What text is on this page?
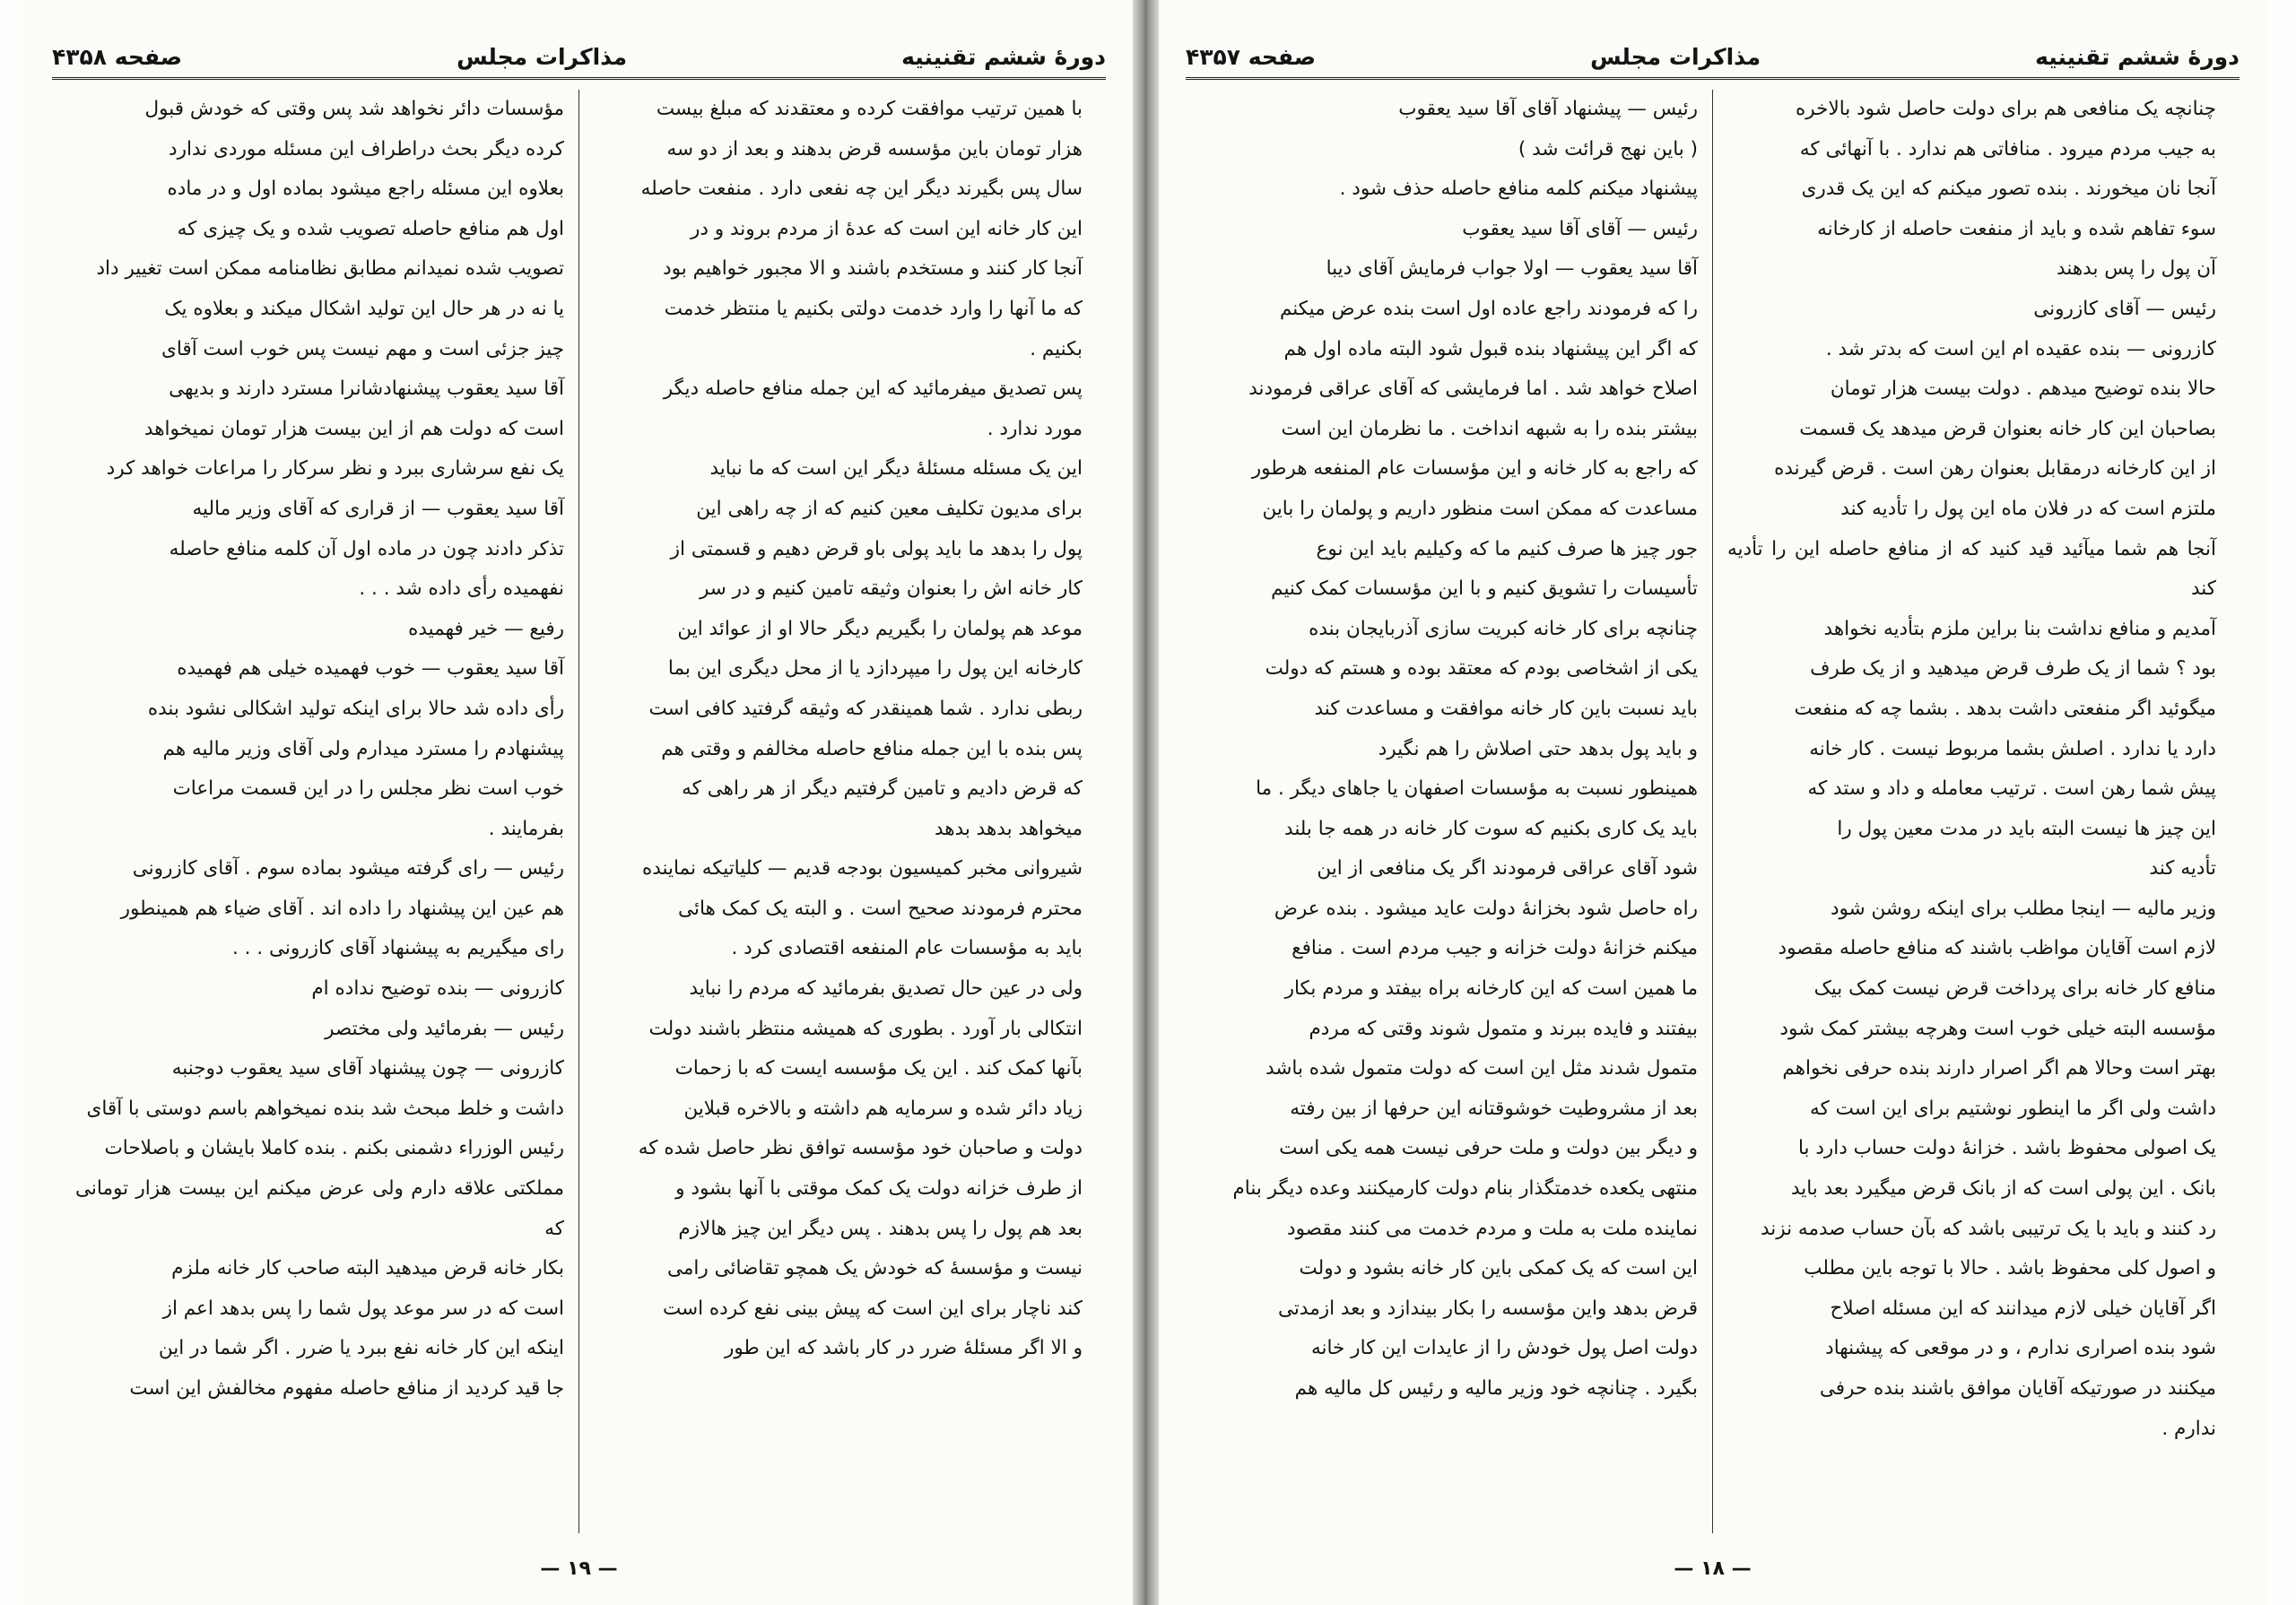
دورهٔ ششم تقنینیه
مذاکرات مجلس
صفحه ۴۳۵۸

با همین ترتیب موافقت کرده و معتقدند که مبلغ بیست

هزار تومان باین مؤسسه قرض بدهند و بعد از دو سه

سال پس بگیرند دیگر این چه نفعی دارد . منفعت حاصله

این کار خانه این است که عدهٔ از مردم بروند و در

آنجا کار کنند و مستخدم باشند و الا مجبور خواهیم بود

که ما آنها را وارد خدمت دولتی بکنیم یا منتظر خدمت

بکنیم .

پس تصدیق میفرمائید که این جمله منافع حاصله دیگر

مورد ندارد .

این یک مسئله مسئلهٔ دیگر این است که ما نباید

برای مدیون تکلیف معین کنیم که از چه راهی این

پول را بدهد ما باید پولی باو قرض دهیم و قسمتی از

کار خانه اش را بعنوان وثیقه تامین کنیم و در سر

موعد هم پولمان را بگیریم دیگر حالا او از عوائد این

کارخانه این پول را میپردازد یا از محل دیگری این بما

ربطی ندارد . شما همینقدر که وثیقه گرفتید کافی است

پس بنده با این جمله منافع حاصله مخالفم و وقتی هم

که قرض دادیم و تامین گرفتیم دیگر از هر راهی که

میخواهد بدهد بدهد

شیروانی مخبر کمیسیون بودجه قدیم — کلیاتیکه نماینده

محترم فرمودند صحیح است . و البته یک کمک هائی

باید به مؤسسات عام المنفعه اقتصادی کرد .

ولی در عین حال تصدیق بفرمائید که مردم را نباید

انتکالی بار آورد . بطوری که همیشه منتظر باشند دولت

بآنها کمک کند . این یک مؤسسه ایست که با زحمات

زیاد دائر شده و سرمایه هم داشته و بالاخره قبلاین

دولت و صاحبان خود مؤسسه توافق نظر حاصل شده که

از طرف خزانه دولت یک کمک موقتی با آنها بشود و

بعد هم پول را پس بدهند . پس دیگر این چیز هالازم

نیست و مؤسسهٔ که خودش یک همچو تقاضائی رامی

کند ناچار برای این است که پیش بینی نفع کرده است

و الا اگر مسئلهٔ ضرر در کار باشد که این طور

مؤسسات دائر نخواهد شد پس وقتی که خودش قبول

کرده دیگر بحث دراطراف این مسئله موردی ندارد

بعلاوه این مسئله راجع میشود بماده اول و در ماده

اول هم منافع حاصله تصویب شده و یک چیزی که

تصویب شده نمیدانم مطابق نظامنامه ممکن است تغییر داد

یا نه در هر حال این تولید اشکال میکند و بعلاوه یک

چیز جزئی است و مهم نیست پس خوب است آقای

آقا سید یعقوب پیشنهادشانرا مسترد دارند و بدیهی

است که دولت هم از این بیست هزار تومان نمیخواهد

یک نفع سرشاری ببرد و نظر سرکار را مراعات خواهد کرد

آقا سید یعقوب — از قراری که آقای وزیر مالیه

تذکر دادند چون در ماده اول آن کلمه منافع حاصله

نفهمیده رأی داده شد . . .

رفیع — خیر فهمیده

آقا سید یعقوب — خوب فهمیده خیلی هم فهمیده

رأی داده شد حالا برای اینکه تولید اشکالی نشود بنده

پیشنهادم را مسترد میدارم ولی آقای وزیر مالیه هم

خوب است نظر مجلس را در این قسمت مراعات

بفرمایند .

رئیس — رای گرفته میشود بماده سوم . آقای کازرونی

هم عین این پیشنهاد را داده اند . آقای ضیاء هم همینطور

رای میگیریم به پیشنهاد آقای کازرونی . . .

کازرونی — بنده توضیح نداده ام

رئیس — بفرمائید ولی مختصر

کازرونی — چون پیشنهاد آقای سید یعقوب دوجنبه

داشت و خلط مبحث شد بنده نمیخواهم باسم دوستی با آقای

رئیس الوزراء دشمنی بکنم . بنده کاملا بایشان و باصلاحات

مملکتی علاقه دارم ولی عرض میکنم این بیست هزار تومانی که

بکار خانه قرض میدهید البته صاحب کار خانه ملزم

است که در سر موعد پول شما را پس بدهد اعم از

اینکه این کار خانه نفع ببرد یا ضرر . اگر شما در این

جا قید کردید از منافع حاصله مفهوم مخالفش این است

— ۱۹ —
دورهٔ ششم تقنینیه
مذاکرات مجلس
صفحه ۴۳۵۷

چنانچه یک منافعی هم برای دولت حاصل شود بالاخره

به جیب مردم میرود . منافاتی هم ندارد . با آنهائی که

آنجا نان میخورند . بنده تصور میکنم که این یک قدری

سوء تفاهم شده و باید از منفعت حاصله از کارخانه

آن پول را پس بدهند

رئیس — آقای کازرونی

کازرونی — بنده عقیده ام این است که بدتر شد .

حالا بنده توضیح میدهم . دولت بیست هزار تومان

بصاحبان این کار خانه بعنوان قرض میدهد یک قسمت

از این کارخانه درمقابل بعنوان رهن است . قرض گیرنده

ملتزم است که در فلان ماه این پول را تأدیه کند

آنجا هم شما میآئید قید کنید که از منافع حاصله این را تأدیه کند

آمدیم و منافع نداشت بنا براین ملزم بتأدیه نخواهد

بود ؟ شما از یک طرف قرض میدهید و از یک طرف

میگوئید اگر منفعتی داشت بدهد . بشما چه که منفعت

دارد یا ندارد . اصلش بشما مربوط نیست . کار خانه

پیش شما رهن است . ترتیب معامله و داد و ستد که

این چیز ها نیست البته باید در مدت معین پول را

تأدیه کند

وزیر مالیه — اینجا مطلب برای اینکه روشن شود

لازم است آقایان مواظب باشند که منافع حاصله مقصود

منافع کار خانه برای پرداخت قرض نیست کمک بیک

مؤسسه البته خیلی خوب است وهرچه بیشتر کمک شود

بهتر است وحالا هم اگر اصرار دارند بنده حرفی نخواهم

داشت ولی اگر ما اینطور نوشتیم برای این است که

یک اصولی محفوظ باشد . خزانهٔ دولت حساب دارد با

بانک . این پولی است که از بانک قرض میگیرد بعد باید

رد کنند و باید با یک ترتیبی باشد که بآن حساب صدمه نزند

و اصول کلی محفوظ باشد . حالا با توجه باین مطلب

اگر آقایان خیلی لازم میدانند که این مسئله اصلاح

شود بنده اصراری ندارم ، و در موقعی که پیشنهاد

میکنند در صورتیکه آقایان موافق باشند بنده حرفی

ندارم .

رئیس — پیشنهاد آقای آقا سید یعقوب

( باین نهج قرائت شد )

پیشنهاد میکنم کلمه منافع حاصله حذف شود .

رئیس — آقای آقا سید یعقوب

آقا سید یعقوب — اولا جواب فرمایش آقای دیبا

را که فرمودند راجع عاده اول است بنده عرض میکنم

که اگر این پیشنهاد بنده قبول شود البته ماده اول هم

اصلاح خواهد شد . اما فرمایشی که آقای عراقی فرمودند

بیشتر بنده را به شبهه انداخت . ما نظرمان این است

که راجع به کار خانه و این مؤسسات عام المنفعه هرطور

مساعدت که ممکن است منظور داریم و پولمان را باین

جور چیز ها صرف کنیم ما که وکیلیم باید این نوع

تأسیسات را تشویق کنیم و با این مؤسسات کمک کنیم

چنانچه برای کار خانه کبریت سازی آذربایجان بنده

یکی از اشخاصی بودم که معتقد بوده و هستم که دولت

باید نسبت باین کار خانه موافقت و مساعدت کند

و باید پول بدهد حتی اصلاش را هم نگیرد

همینطور نسبت به مؤسسات اصفهان یا جاهای دیگر . ما

باید یک کاری بکنیم که سوت کار خانه در همه جا بلند

شود آقای عراقی فرمودند اگر یک منافعی از این

راه حاصل شود بخزانهٔ دولت عاید میشود . بنده عرض

میکنم خزانهٔ دولت خزانه و جیب مردم است . منافع

ما همین است که این کارخانه براه بیفتد و مردم بکار

بیفتند و فایده ببرند و متمول شوند وقتی که مردم

متمول شدند مثل این است که دولت متمول شده باشد

بعد از مشروطیت خوشوقتانه این حرفها از بین رفته

و دیگر بین دولت و ملت حرفی نیست همه یکی است

منتهی یکعده خدمتگذار بنام دولت کارمیکنند وعده دیگر بنام

نماینده ملت به ملت و مردم خدمت می کنند مقصود

این است که یک کمکی باین کار خانه بشود و دولت

قرض بدهد واین مؤسسه را بکار بیندازد و بعد ازمدتی

دولت اصل پول خودش را از عایدات این کار خانه

بگیرد . چنانچه خود وزیر مالیه و رئیس کل مالیه هم

— ۱۸ —
